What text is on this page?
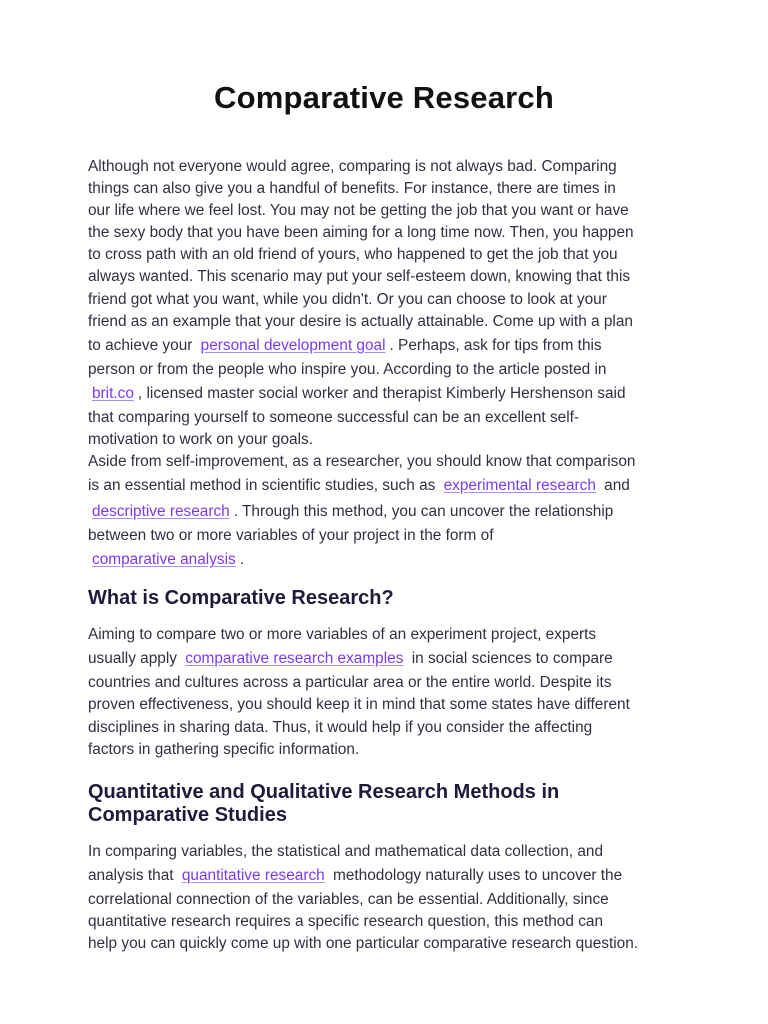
Comparative Research

Although not everyone would agree, comparing is not always bad. Comparing
things can also give you a handful of benefits. For instance, there are times in
our life where we feel lost. You may not be getting the job that you want or have
the sexy body that you have been aiming for a long time now. Then, you happen
to cross path with an old friend of yours, who happened to get the job that you
always wanted. This scenario may put your self-esteem down, knowing that this
friend got what you want, while you didn't. Or you can choose to look at your
friend as an example that your desire is actually attainable. Come up with a plan
to achieve your personal development goal . Perhaps, ask for tips from this
person or from the people who inspire you. According to the article posted in
brit.co , licensed master social worker and therapist Kimberly Hershenson said
that comparing yourself to someone successful can be an excellent self-
motivation to work on your goals.
Aside from self-improvement, as a researcher, you should know that comparison
is an essential method in scientific studies, such as experimental research and
descriptive research . Through this method, you can uncover the relationship
between two or more variables of your project in the form of
comparative analysis .

What is Comparative Research?

Aiming to compare two or more variables of an experiment project, experts
usually apply comparative research examples in social sciences to compare
countries and cultures across a particular area or the entire world. Despite its
proven effectiveness, you should keep it in mind that some states have different
disciplines in sharing data. Thus, it would help if you consider the affecting
factors in gathering specific information.

Quantitative and Qualitative Research Methods in
Comparative Studies

In comparing variables, the statistical and mathematical data collection, and
analysis that quantitative research methodology naturally uses to uncover the
correlational connection of the variables, can be essential. Additionally, since
quantitative research requires a specific research question, this method can
help you can quickly come up with one particular comparative research question.
